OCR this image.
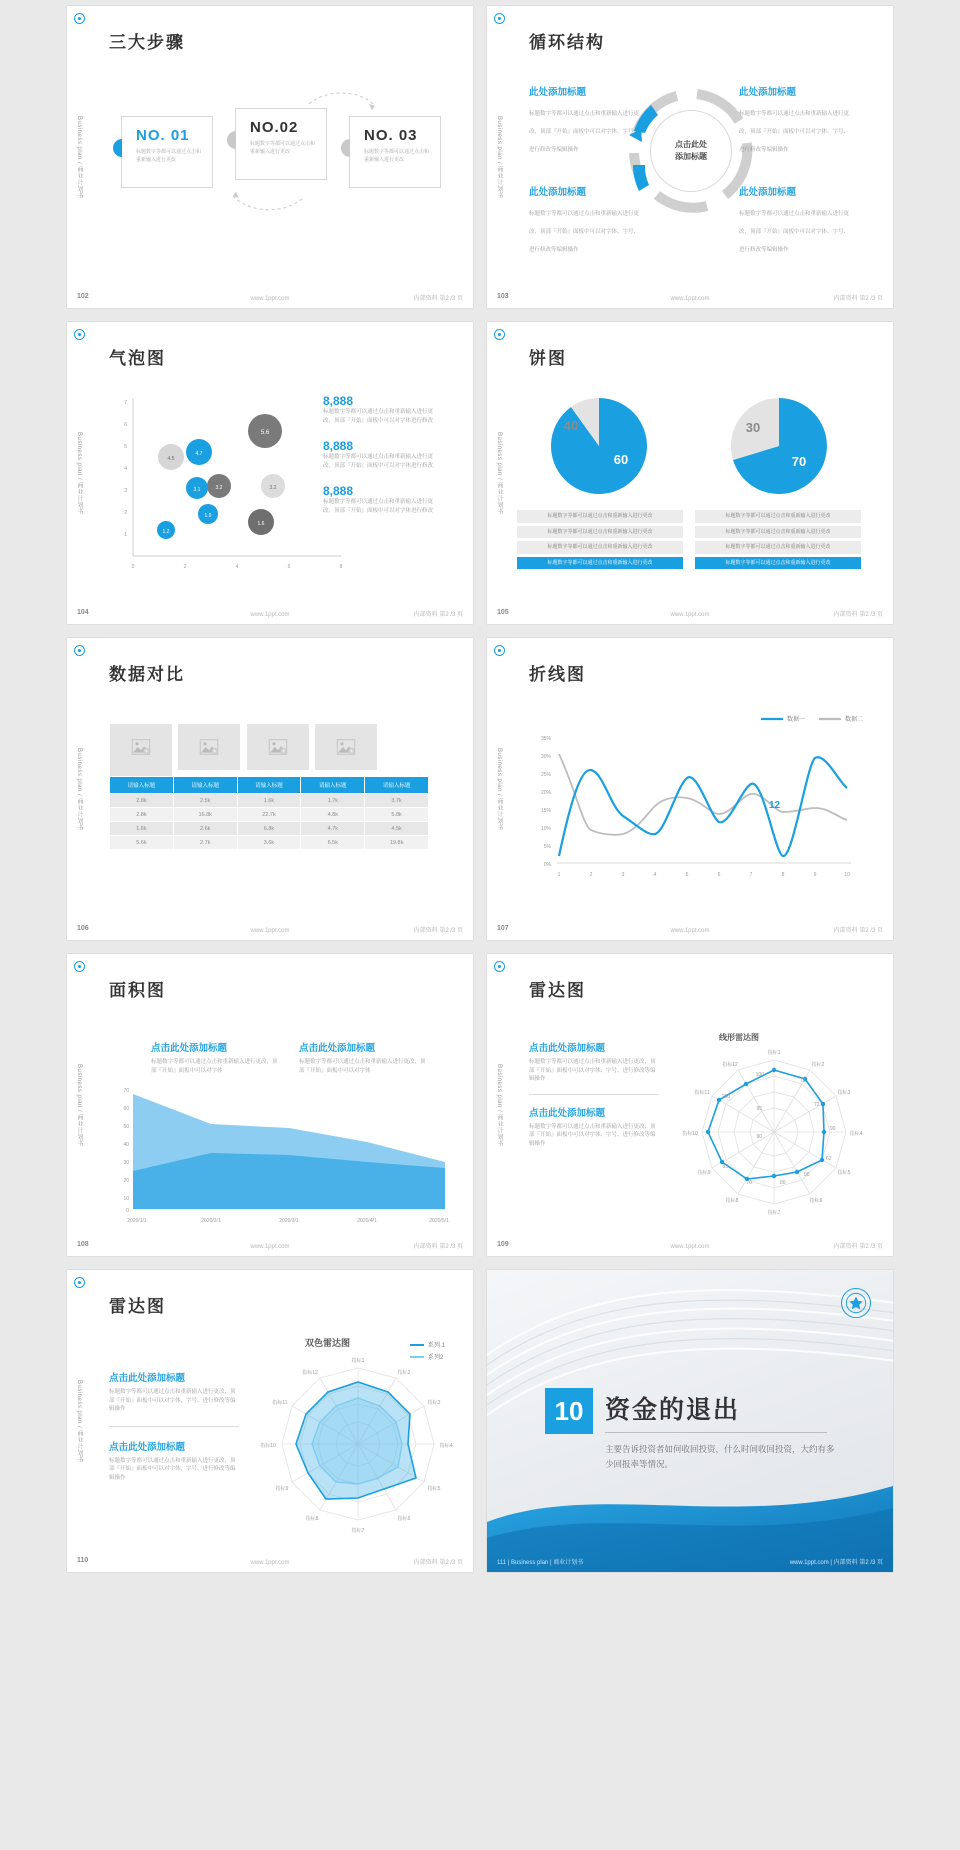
Business plan / 商业计划书
三大步骤
NO. 01
标题数字等都可以通过点击和重新输入进行更改
NO.02
标题数字等都可以通过点击和重新输入进行更改
NO. 03
标题数字等都可以通过点击和重新输入进行更改
102	内部资料 第2 /3 页
www.1ppt.com
Business plan / 商业计划书
循环结构
点击此处
添加标题
此处添加标题
标题数字等都可以通过点击和重新输入进行更改，顶部『开始』面板中可以对字体、字号、进行修改等编辑操作
此处添加标题
标题数字等都可以通过点击和重新输入进行更改，顶部『开始』面板中可以对字体、字号、进行修改等编辑操作
此处添加标题
标题数字等都可以通过点击和重新输入进行更改，顶部『开始』面板中可以对字体、字号、进行修改等编辑操作
此处添加标题
标题数字等都可以通过点击和重新输入进行更改，顶部『开始』面板中可以对字体、字号、进行修改等编辑操作
103	内部资料 第2 /3 页
www.1ppt.com
Business plan / 商业计划书
气泡图
7
6
5
4
3
2
1
0	2	4	6	8
4.5
4.7
3.1	3.2	3.2
5.6
1.9
1.2
1.6
8,888
标题数字等都可以通过点击和重新输入进行更改，顶部『开始』面板中可以对字体进行修改
8,888
标题数字等都可以通过点击和重新输入进行更改，顶部『开始』面板中可以对字体进行修改
8,888
标题数字等都可以通过点击和重新输入进行更改，顶部『开始』面板中可以对字体进行修改
104	内部资料 第2 /3 页
www.1ppt.com
Business plan / 商业计划书
饼图
60
40
70
30
标题数字等都可以通过点击和重新输入进行更改
标题数字等都可以通过点击和重新输入进行更改
标题数字等都可以通过点击和重新输入进行更改
标题数字等都可以通过点击和重新输入进行更改
标题数字等都可以通过点击和重新输入进行更改
标题数字等都可以通过点击和重新输入进行更改
标题数字等都可以通过点击和重新输入进行更改
标题数字等都可以通过点击和重新输入进行更改
105	内部资料 第2 /3 页
www.1ppt.com
Business plan / 商业计划书
数据对比

请输入标题	请输入标题	请输入标题	请输入标题	请输入标题
2.8k	2.5k	1.6k	1.7k	3.7k
2.8k	16.8k	22.7k	4.8k	5.8k
1.6k	2.6k	6.8k	4.7k	4.5k
5.6k	2.7k	3.6k	6.5k	19.8k
106	内部资料 第2 /3 页
www.1ppt.com
Business plan / 商业计划书
折线图
数据一	数据二
35%
30%
25%
20%
15%
10%
5%
0%
1	2	3	4	5	6	7	8	9	10
12
107	内部资料 第2 /3 页
www.1ppt.com
Business plan / 商业计划书
面积图
点击此处添加标题
标题数字等都可以通过点击和重新输入进行更改，顶部『开始』面板中可以对字体
点击此处添加标题
标题数字等都可以通过点击和重新输入进行更改，顶部『开始』面板中可以对字体
70
60
50
40
30
20
10
0
2020/1/1	2020/2/1	2020/3/1	2020/4/1	2020/5/1
108	内部资料 第2 /3 页
www.1ppt.com
Business plan / 商业计划书
雷达图
点击此处添加标题
标题数字等都可以通过点击和重新输入进行更改，顶部『开始』面板中可以对字体、字号、进行修改等编辑操作
点击此处添加标题
标题数字等都可以通过点击和重新输入进行更改，顶部『开始』面板中可以对字体、字号、进行修改等编辑操作
线形雷达图
指标1
指标2
指标3
指标4
指标5
指标6
指标7
指标8
指标9
指标10
指标11
指标12
100
95
90
75
72
90
62
90
80
70
83
100
109	内部资料 第2 /3 页
www.1ppt.com
Business plan / 商业计划书
雷达图
点击此处添加标题
标题数字等都可以通过点击和重新输入进行更改，顶部『开始』面板中可以对字体、字号、进行修改等编辑操作
点击此处添加标题
标题数字等都可以通过点击和重新输入进行更改，顶部『开始』面板中可以对字体、字号、进行修改等编辑操作
双色雷达图	系列 1
系列2
指标1
指标2
指标3
指标4
指标5
指标6
指标7
指标8
指标9
指标10
指标11
指标12
110	内部资料 第2 /3 页
www.1ppt.com
10 资金的退出
主要告诉投资者如何收回投资，什么时间收回投资，大约有多少回报率等情况。
111 | Business plan | 商业计划书	www.1ppt.com | 内部资料 第2 /3 页
